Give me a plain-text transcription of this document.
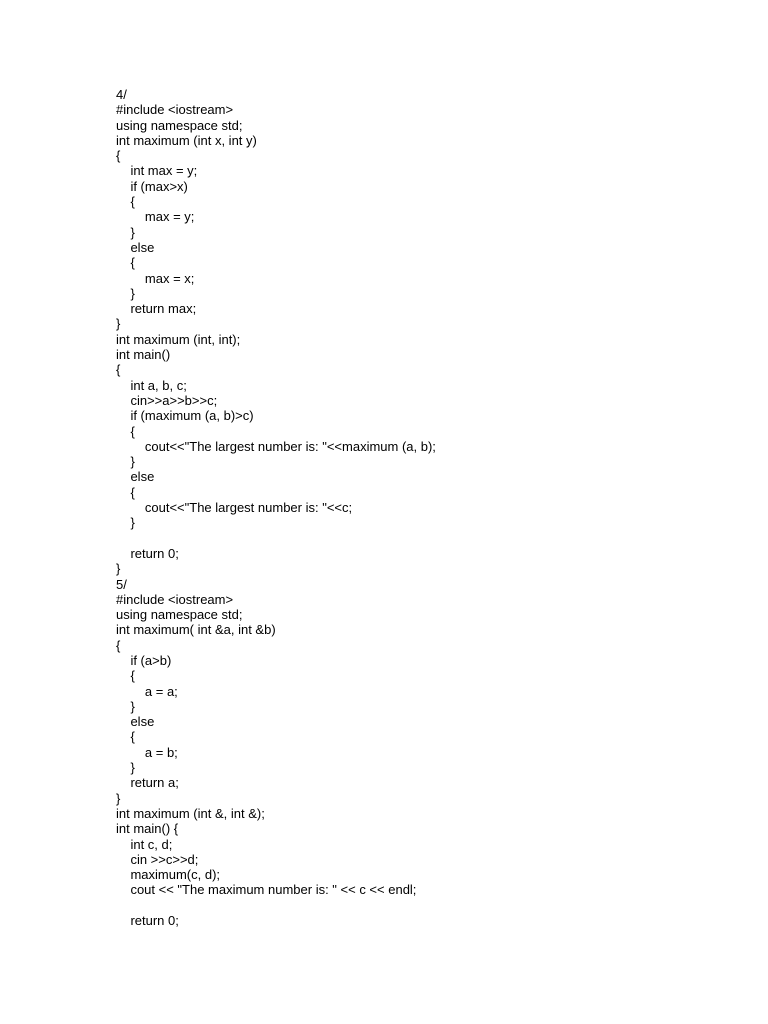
4/
#include <iostream>
using namespace std;
int maximum (int x, int y)
{
int max = y;
if (max>x)
{
max = y;
}
else
{
max = x;
}
return max;
}
int maximum (int, int);
int main()
{
int a, b, c;
cin>>a>>b>>c;
if (maximum (a, b)>c)
{
cout<<"The largest number is: "<<maximum (a, b);
}
else
{
cout<<"The largest number is: "<<c;
}
return 0;
}
5/
#include <iostream>
using namespace std;
int maximum( int &a, int &b)
{
if (a>b)
{
a = a;
}
else
{
a = b;
}
return a;
}
int maximum (int &, int &);
int main() {
int c, d;
cin >>c>>d;
maximum(c, d);
cout << "The maximum number is: " << c << endl;
return 0;
